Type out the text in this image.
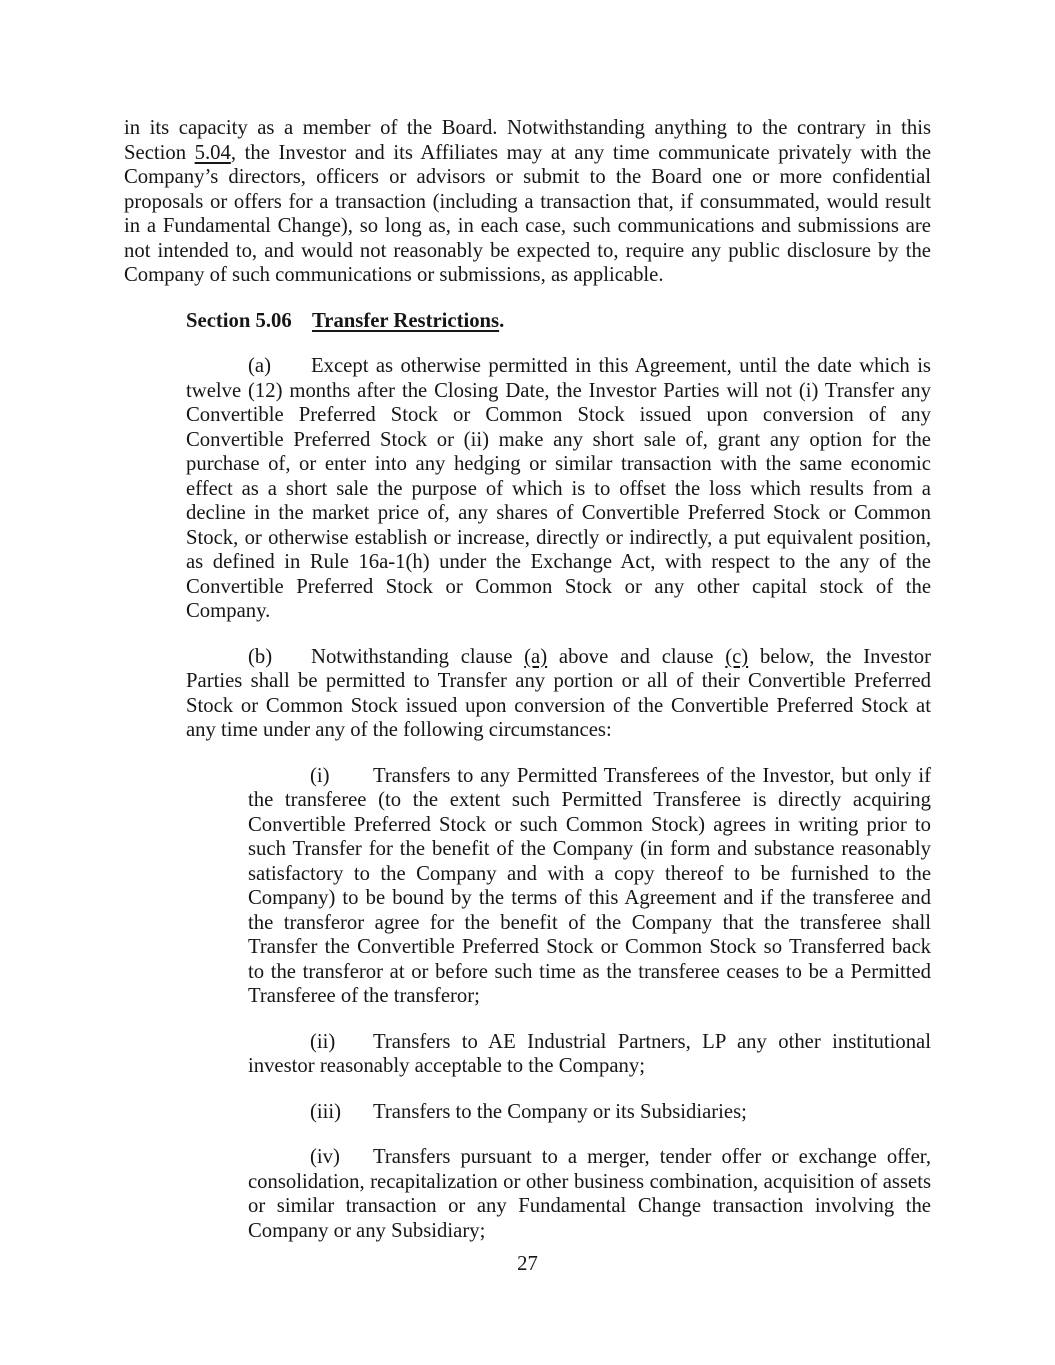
in its capacity as a member of the Board. Notwithstanding anything to the contrary in this Section 5.04, the Investor and its Affiliates may at any time communicate privately with the Company’s directors, officers or advisors or submit to the Board one or more confidential proposals or offers for a transaction (including a transaction that, if consummated, would result in a Fundamental Change), so long as, in each case, such communications and submissions are not intended to, and would not reasonably be expected to, require any public disclosure by the Company of such communications or submissions, as applicable.

Section 5.06 Transfer Restrictions.

(a) Except as otherwise permitted in this Agreement, until the date which is twelve (12) months after the Closing Date, the Investor Parties will not (i) Transfer any Convertible Preferred Stock or Common Stock issued upon conversion of any Convertible Preferred Stock or (ii) make any short sale of, grant any option for the purchase of, or enter into any hedging or similar transaction with the same economic effect as a short sale the purpose of which is to offset the loss which results from a decline in the market price of, any shares of Convertible Preferred Stock or Common Stock, or otherwise establish or increase, directly or indirectly, a put equivalent position, as defined in Rule 16a-1(h) under the Exchange Act, with respect to the any of the Convertible Preferred Stock or Common Stock or any other capital stock of the Company.

(b) Notwithstanding clause (a) above and clause (c) below, the Investor Parties shall be permitted to Transfer any portion or all of their Convertible Preferred Stock or Common Stock issued upon conversion of the Convertible Preferred Stock at any time under any of the following circumstances:

(i) Transfers to any Permitted Transferees of the Investor, but only if the transferee (to the extent such Permitted Transferee is directly acquiring Convertible Preferred Stock or such Common Stock) agrees in writing prior to such Transfer for the benefit of the Company (in form and substance reasonably satisfactory to the Company and with a copy thereof to be furnished to the Company) to be bound by the terms of this Agreement and if the transferee and the transferor agree for the benefit of the Company that the transferee shall Transfer the Convertible Preferred Stock or Common Stock so Transferred back to the transferor at or before such time as the transferee ceases to be a Permitted Transferee of the transferor;

(ii) Transfers to AE Industrial Partners, LP any other institutional investor reasonably acceptable to the Company;

(iii) Transfers to the Company or its Subsidiaries;

(iv) Transfers pursuant to a merger, tender offer or exchange offer, consolidation, recapitalization or other business combination, acquisition of assets or similar transaction or any Fundamental Change transaction involving the Company or any Subsidiary;

27
